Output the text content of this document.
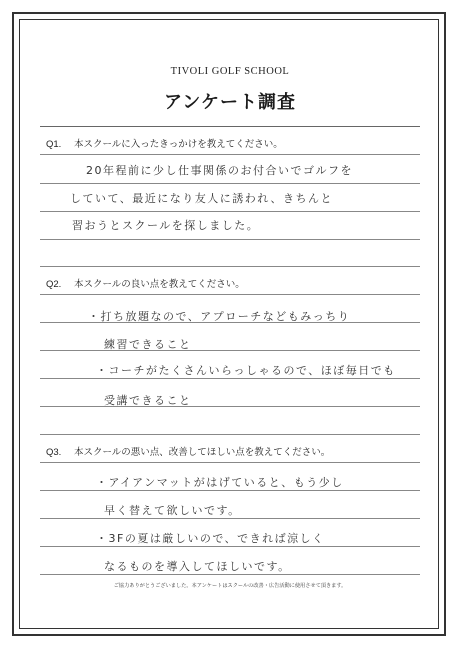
TIVOLI GOLF SCHOOL
アンケート調査
Q1. 本スクールに入ったきっかけを教えてください。
20年程前に少し仕事関係のお付合いでゴルフを
していて、最近になり友人に誘われ、きちんと
習おうとスクールを探しました。
Q2. 本スクールの良い点を教えてください。
・打ち放題なので、アプローチなどもみっちり
練習できること
・コーチがたくさんいらっしゃるので、ほぼ毎日でも
受講できること
Q3. 本スクールの悪い点、改善してほしい点を教えてください。
・アイアンマットがはげていると、もう少し
早く替えて欲しいです。
・3Fの夏は厳しいので、できれば涼しく
なるものを導入してほしいです。
ご協力ありがとうございました。本アンケートはスクールの改善・広告活動に使用させて頂きます。
